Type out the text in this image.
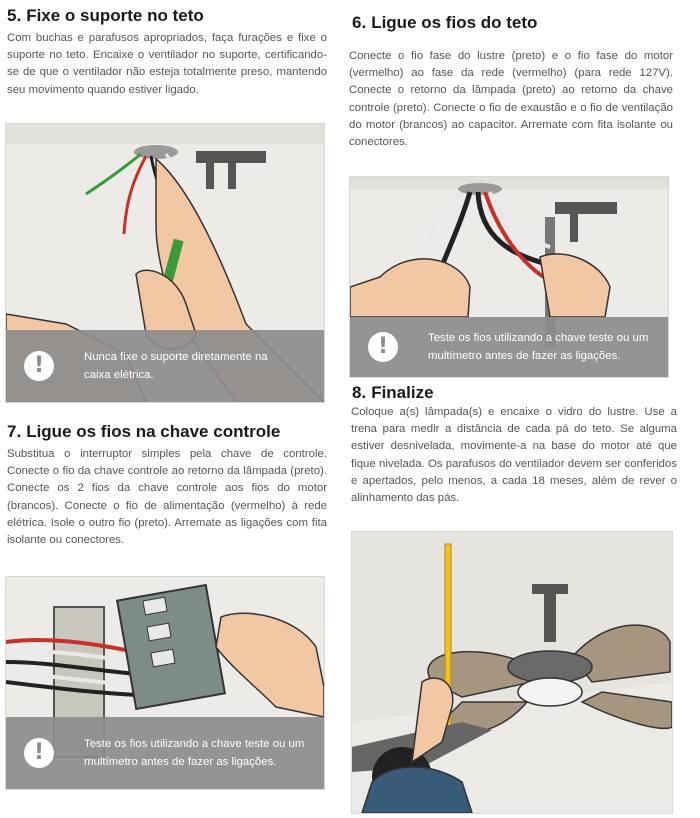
5. Fixe o suporte no teto

Com buchas e parafusos apropriados, faça furações e fixe o suporte no teto. Encaixe o ventilador no suporte, certificando-se de que o ventilador não esteja totalmente preso, mantendo seu movimento quando estiver ligado.

!	Nunca fixe o suporte diretamente na caixa elétrica.

7. Ligue os fios na chave controle

Substitua o interruptor simples pela chave de controle. Conecte o fio da chave controle ao retorno da lâmpada (preto). Conecte os 2 fios da chave controle aos fios do motor (brancos). Conecte o fio de alimentação (vermelho) à rede elétrica. Isole o outro fio (preto). Arremate as ligações com fita isolante ou conectores.

!	Teste os fios utilizando a chave teste ou um multímetro antes de fazer as ligações.

6. Ligue os fios do teto

Conecte o fio fase do lustre (preto) e o fio fase do motor (vermelho) ao fase da rede (vermelho) (para rede 127V). Conecte o retorno da lâmpada (preto) ao retorno da chave controle (preto). Conecte o fio de exaustão e o fio de ventilação do motor (brancos) ao capacitor. Arremate com fita isolante ou conectores.

!	Teste os fios utilizando a chave teste ou um multímetro antes de fazer as ligações.

8. Finalize

Coloque a(s) lâmpada(s) e encaixe o vidro do lustre. Use a trena para medir a distância de cada pá do teto. Se alguma estiver desnivelada, movimente-a na base do motor até que fique nivelada. Os parafusos do ventilador devem ser conferidos e apertados, pelo menos, a cada 18 meses, além de rever o alinhamento das pás.
